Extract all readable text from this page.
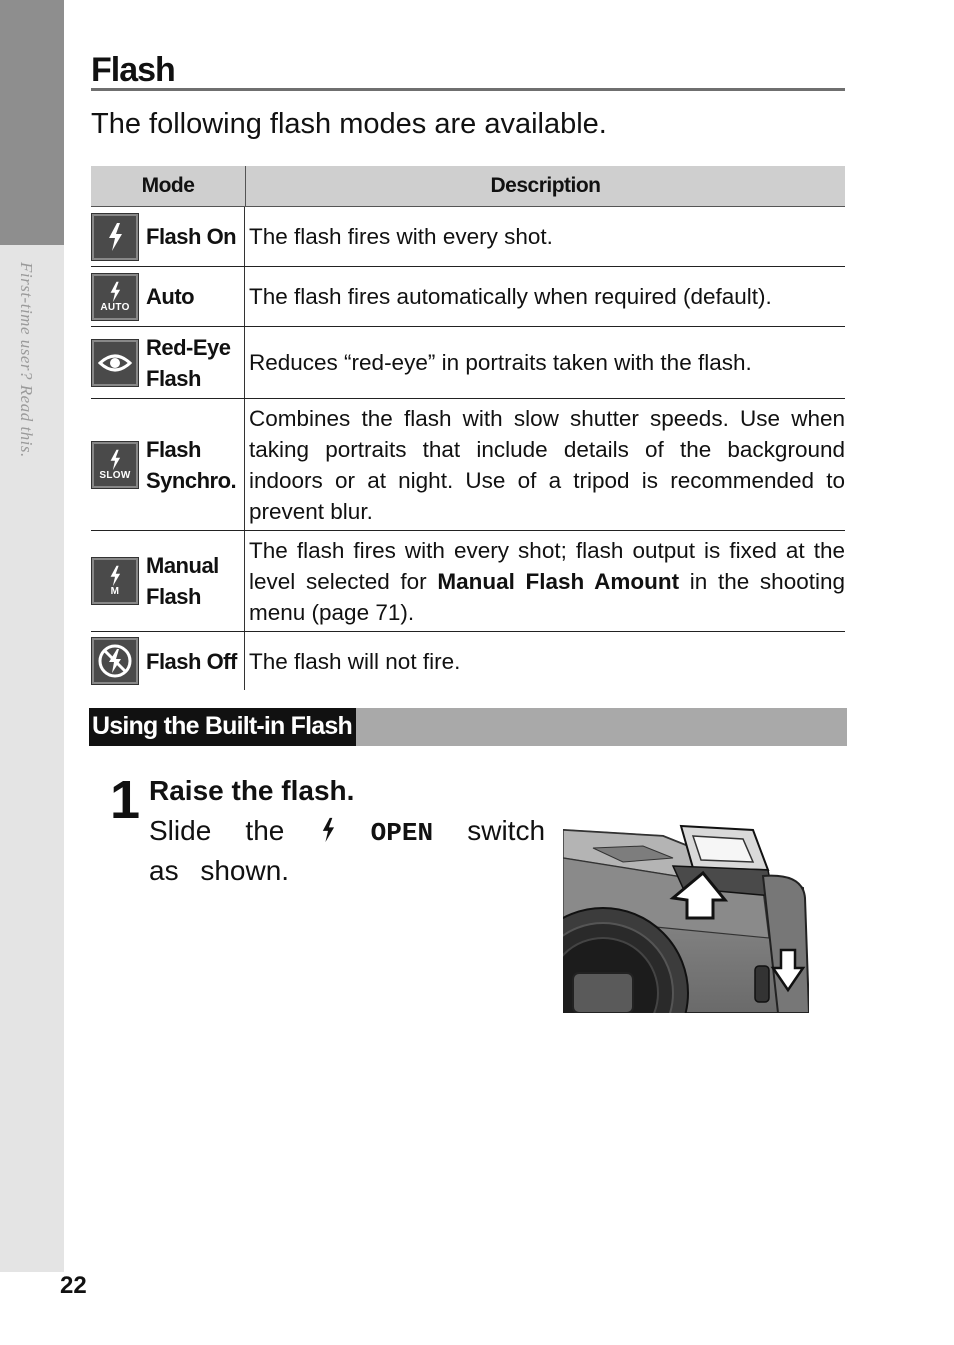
First-time user? Read this.
Flash
The following flash modes are available.
Mode	Description
Flash On The flash fires with every shot.
AUTO Auto The flash fires automatically when required (default).
Red-Eye
Flash
Reduces “red-eye” in portraits taken with the flash.
SLOW
Flash
Synchro.
Combines the flash with slow shutter speeds. Use when taking portraits that include details of the background indoors or at night. Use of a tripod is recommended to prevent blur.
M
Manual
Flash
The flash fires with every shot; flash output is fixed at the level selected for Manual Flash Amount in the shooting menu (page 71).
Flash Off The flash will not fire.
Using the Built-in Flash
1 Raise the flash.
Slide the	OPEN switch as shown.
22
